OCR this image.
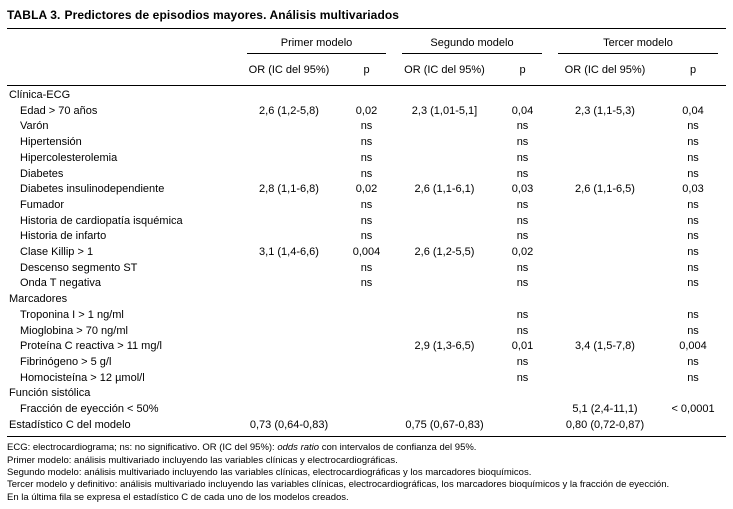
TABLA 3. Predictores de episodios mayores. Análisis multivariados

	Primer modelo		Segundo modelo		Tercer modelo	

	OR (IC del 95%)	p	OR (IC del 95%)	p	OR (IC del 95%)	p
Clínica-ECG						
Edad > 70 años	2,6 (1,2-5,8)	0,02	2,3 (1,01-5,1]	0,04	2,3 (1,1-5,3)	0,04
Varón		ns		ns		ns
Hipertensión		ns		ns		ns
Hipercolesterolemia		ns		ns		ns
Diabetes		ns		ns		ns
Diabetes insulinodependiente	2,8 (1,1-6,8)	0,02	2,6 (1,1-6,1)	0,03	2,6 (1,1-6,5)	0,03
Fumador		ns		ns		ns
Historia de cardiopatía isquémica		ns		ns		ns
Historia de infarto		ns		ns		ns
Clase Killip > 1	3,1 (1,4-6,6)	0,004	2,6 (1,2-5,5)	0,02		ns
Descenso segmento ST		ns		ns		ns
Onda T negativa		ns		ns		ns
Marcadores						
Troponina I > 1 ng/ml				ns		ns
Mioglobina > 70 ng/ml				ns		ns
Proteína C reactiva > 11 mg/l			2,9 (1,3-6,5)	0,01	3,4 (1,5-7,8)	0,004
Fibrinógeno > 5 g/l				ns		ns
Homocisteína > 12 µmol/l				ns		ns
Función sistólica						
Fracción de eyección < 50%					5,1 (2,4-11,1)	< 0,0001
Estadístico C del modelo	0,73 (0,64-0,83)		0,75 (0,67-0,83)		0,80 (0,72-0,87)	
ECG: electrocardiograma; ns: no significativo. OR (IC del 95%): odds ratio con intervalos de confianza del 95%.
Primer modelo: análisis multivariado incluyendo las variables clínicas y electrocardiográficas.
Segundo modelo: análisis multivariado incluyendo las variables clínicas, electrocardiográficas y los marcadores bioquímicos.
Tercer modelo y definitivo: análisis multivariado incluyendo las variables clínicas, electrocardiográficas, los marcadores bioquímicos y la fracción de eyección.
En la última fila se expresa el estadístico C de cada uno de los modelos creados.
